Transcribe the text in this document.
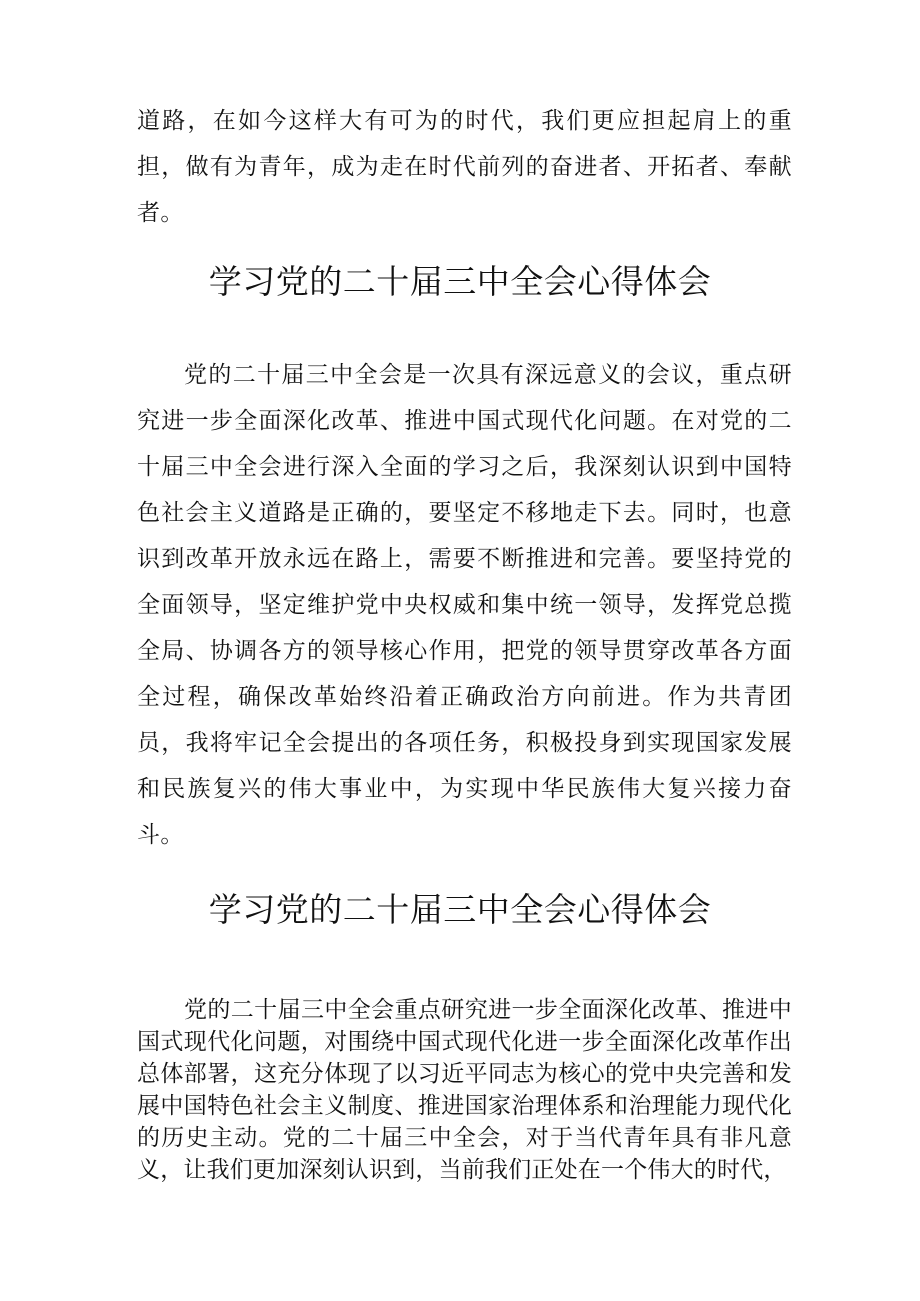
道路，在如今这样大有可为的时代，我们更应担起肩上的重担，做有为青年，成为走在时代前列的奋进者、开拓者、奉献者。

学习党的二十届三中全会心得体会

党的二十届三中全会是一次具有深远意义的会议，重点研究进一步全面深化改革、推进中国式现代化问题。在对党的二十届三中全会进行深入全面的学习之后，我深刻认识到中国特色社会主义道路是正确的，要坚定不移地走下去。同时，也意识到改革开放永远在路上，需要不断推进和完善。要坚持党的全面领导，坚定维护党中央权威和集中统一领导，发挥党总揽全局、协调各方的领导核心作用，把党的领导贯穿改革各方面全过程，确保改革始终沿着正确政治方向前进。作为共青团员，我将牢记全会提出的各项任务，积极投身到实现国家发展和民族复兴的伟大事业中，为实现中华民族伟大复兴接力奋斗。

学习党的二十届三中全会心得体会

党的二十届三中全会重点研究进一步全面深化改革、推进中国式现代化问题，对围绕中国式现代化进一步全面深化改革作出总体部署，这充分体现了以习近平同志为核心的党中央完善和发展中国特色社会主义制度、推进国家治理体系和治理能力现代化的历史主动。党的二十届三中全会，对于当代青年具有非凡意义，让我们更加深刻认识到，当前我们正处在一个伟大的时代，
